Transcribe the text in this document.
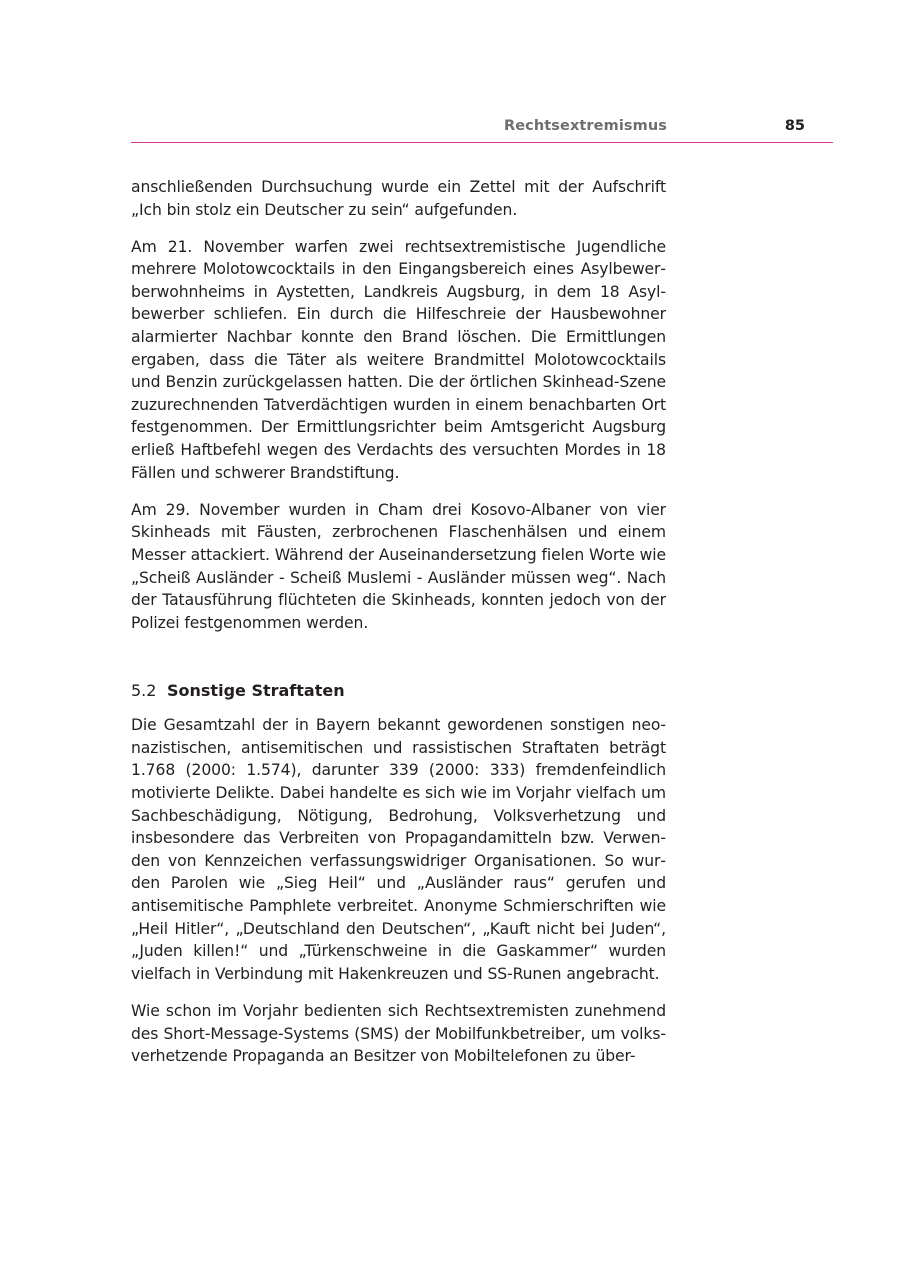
Rechtsextremismus	85

anschließenden Durchsuchung wurde ein Zettel mit der Aufschrift „Ich bin stolz ein Deutscher zu sein“ aufgefunden.

Am 21. November warfen zwei rechtsextremistische Jugendliche mehrere Molotowcocktails in den Eingangsbereich eines Asylbewerberwohnheims in Aystetten, Landkreis Augsburg, in dem 18 Asylbewerber schliefen. Ein durch die Hilfeschreie der Hausbewohner alarmierter Nachbar konnte den Brand löschen. Die Ermittlungen ergaben, dass die Täter als weitere Brandmittel Molotowcocktails und Benzin zurückgelassen hatten. Die der örtlichen Skinhead-Szene zuzurechnenden Tatverdächtigen wurden in einem benachbarten Ort festgenommen. Der Ermittlungsrichter beim Amtsgericht Augsburg erließ Haftbefehl wegen des Verdachts des versuchten Mordes in 18 Fällen und schwerer Brandstiftung.

Am 29. November wurden in Cham drei Kosovo-Albaner von vier Skinheads mit Fäusten, zerbrochenen Flaschenhälsen und einem Messer attackiert. Während der Auseinandersetzung fielen Worte wie „Scheiß Ausländer - Scheiß Muslemi - Ausländer müssen weg“. Nach der Tatausführung flüchteten die Skinheads, konnten jedoch von der Polizei festgenommen werden.

5.2 Sonstige Straftaten

Die Gesamtzahl der in Bayern bekannt gewordenen sonstigen neonazistischen, antisemitischen und rassistischen Straftaten beträgt 1.768 (2000: 1.574), darunter 339 (2000: 333) fremdenfeindlich motivierte Delikte. Dabei handelte es sich wie im Vorjahr vielfach um Sachbeschädigung, Nötigung, Bedrohung, Volksverhetzung und insbesondere das Verbreiten von Propagandamitteln bzw. Verwenden von Kennzeichen verfassungswidriger Organisationen. So wurden Parolen wie „Sieg Heil“ und „Ausländer raus“ gerufen und antisemitische Pamphlete verbreitet. Anonyme Schmierschriften wie „Heil Hitler“, „Deutschland den Deutschen“, „Kauft nicht bei Juden“, „Juden killen!“ und „Türkenschweine in die Gaskammer“ wurden vielfach in Verbindung mit Hakenkreuzen und SS-Runen angebracht.

Wie schon im Vorjahr bedienten sich Rechtsextremisten zunehmend des Short-Message-Systems (SMS) der Mobilfunkbetreiber, um volksverhetzende Propaganda an Besitzer von Mobiltelefonen zu über-
